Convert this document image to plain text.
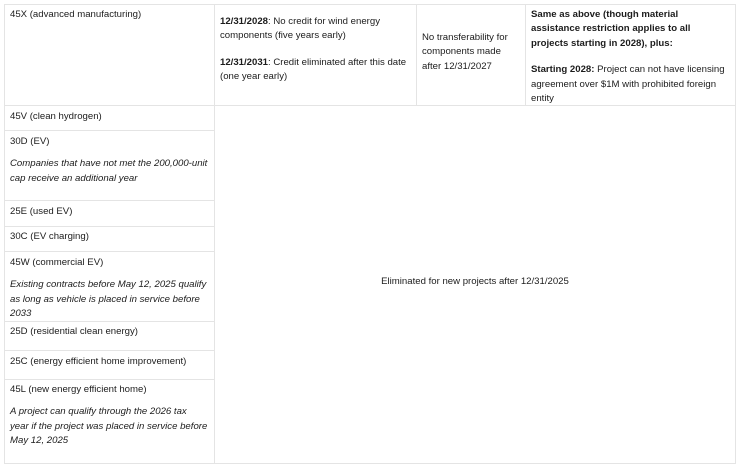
45X (advanced manufacturing)

12/31/2028: No credit for wind energy components (five years early)

12/31/2031: Credit eliminated after this date (one year early)

No transferability for components made after 12/31/2027

Same as above (though material assistance restriction applies to all projects starting in 2028), plus:

Starting 2028: Project can not have licensing agreement over $1M with prohibited foreign entity

45V (clean hydrogen)

30D (EV)

Companies that have not met the 200,000-unit cap receive an additional year

25E (used EV)

30C (EV charging)

45W (commercial EV)

Existing contracts before May 12, 2025 qualify as long as vehicle is placed in service before 2033

25D (residential clean energy)

25C (energy efficient home improvement)

45L (new energy efficient home)

A project can qualify through the 2026 tax year if the project was placed in service before May 12, 2025

Eliminated for new projects after 12/31/2025
